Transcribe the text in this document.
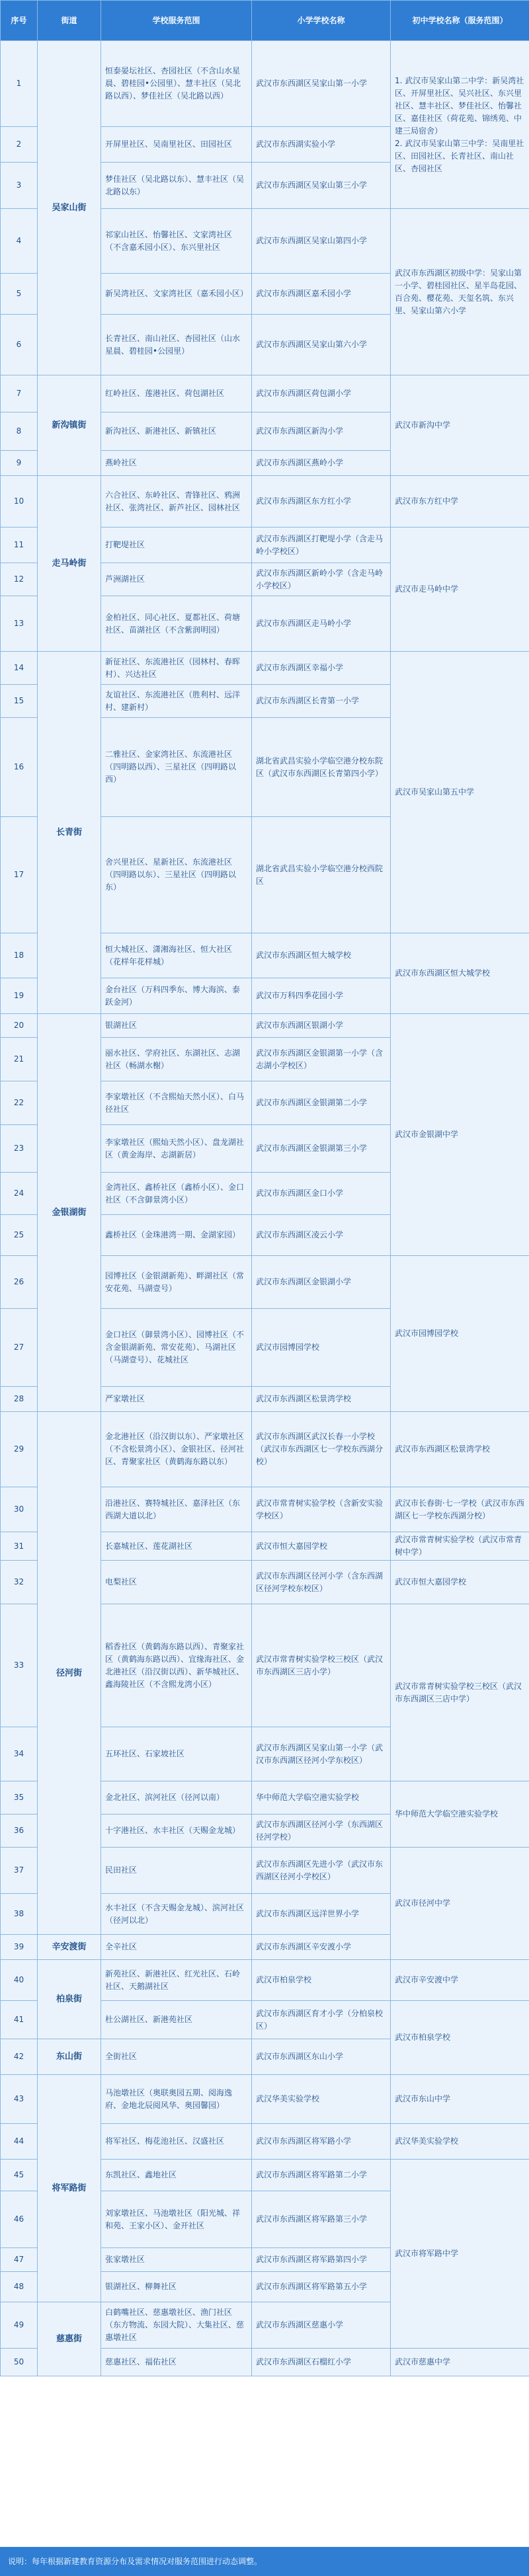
序号	街道	学校服务范围	小学学校名称	初中学校名称（服务范围）
1	吴家山街	恒泰晏坛社区、杏园社区（不含山水星晨、碧桂园•公园里）、慧丰社区（吴北路以西）、梦佳社区（吴北路以西）	武汉市东西湖区吴家山第一小学	1. 武汉市吴家山第二中学：新吴湾社区、开屏里社区、吴兴社区、东兴里社区、慧丰社区、梦佳社区、怡馨社区、嘉佳社区（荷花苑、锦绣苑、中建三局宿舍）
2. 武汉市吴家山第三中学：吴南里社区、田园社区、长青社区、南山社区、杏园社区
2		开屏里社区、吴南里社区、田园社区	武汉市东西湖实验小学	
3		梦佳社区（吴北路以东）、慧丰社区（吴北路以东）	武汉市东西湖区吴家山第三小学	
4		祁家山社区、怡馨社区、文家湾社区（不含嘉禾园小区）、东兴里社区	武汉市东西湖区吴家山第四小学	武汉市东西湖区初级中学：吴家山第一小学、碧桂园社区、星半岛花园、百合苑、樱花苑、天玺名筑、东兴里、吴家山第六小学
5		新吴湾社区、文家湾社区（嘉禾园小区）	武汉市东西湖区嘉禾园小学	
6		长青社区、南山社区、杏园社区（山水星晨、碧桂园•公园里）	武汉市东西湖区吴家山第六小学	
7	新沟镇街	红岭社区、莲港社区、荷包湖社区	武汉市东西湖区荷包湖小学	武汉市新沟中学
8		新沟社区、新港社区、新镇社区	武汉市东西湖区新沟小学	
9		燕岭社区	武汉市东西湖区燕岭小学	
10	走马岭街	六合社区、东岭社区、青锋社区、鸦洲社区、张湾社区、新芦社区、园林社区	武汉市东西湖区东方红小学	武汉市东方红中学
11		打靶堤社区	武汉市东西湖区打靶堤小学（含走马岭小学校区）	武汉市走马岭中学
12		芦洲湖社区	武汉市东西湖区新岭小学（含走马岭小学校区）	
13		金柏社区、同心社区、夏都社区、荷塘社区、苗湖社区（不含紫润明园）	武汉市东西湖区走马岭小学	
14	长青街	新征社区、东流港社区（园林村、春晖村）、兴达社区	武汉市东西湖区幸福小学	武汉市吴家山第五中学
15		友谊社区、东流港社区（胜利村、远洋村、建新村）	武汉市东西湖区长青第一小学	
16		二雅社区、金家湾社区、东流港社区（四明路以西）、三星社区（四明路以西）	湖北省武昌实验小学临空港分校东院区（武汉市东西湖区长青第四小学）	
17		舍兴里社区、星新社区、东流港社区（四明路以东）、三星社区（四明路以东）	湖北省武昌实验小学临空港分校西院区	
18		恒大城社区、潇湘海社区、恒大社区（花样年花样城）	武汉市东西湖区恒大城学校	武汉市东西湖区恒大城学校
19		金台社区（万科四季东、博大海滨、泰跃金河）	武汉市万科四季花园小学	
20	金银湖街	银湖社区	武汉市东西湖区银湖小学	武汉市金银湖中学
21		丽水社区、学府社区、东湖社区、志湖社区（畅湖水榭）	武汉市东西湖区金银湖第一小学（含志湖小学校区）	
22		李家墩社区（不含熙灿天然小区）、白马径社区	武汉市东西湖区金银湖第二小学	
23		李家墩社区（熙灿天然小区）、盘龙湖社区（黄金海岸、志湖新居）	武汉市东西湖区金银湖第三小学	
24		金湾社区、鑫桥社区（鑫桥小区）、金口社区（不含御景湾小区）	武汉市东西湖区金口小学	
25		鑫桥社区（金珠港湾一期、金湖家园）	武汉市东西湖区凌云小学	
26		园博社区（金银湖新苑）、畔湖社区（常安花苑、马湖壹号）	武汉市东西湖区金银湖小学	武汉市园博园学校
27		金口社区（御景湾小区）、园博社区（不含金银湖新苑、常安花苑）、马湖社区（马湖壹号）、花城社区	武汉市园博园学校	
28		严家墩社区	武汉市东西湖区松景湾学校	
29	径河街	金北港社区（沿汉街以东）、严家墩社区（不含松景湾小区）、金银社区、径河社区、青聚家社区（黄鹤海东路以东）	武汉市东西湖区武汉长春一小学校（武汉市东西湖区七一学校东西湖分校）	武汉市东西湖区松景湾学校
30		沿港社区、赛特城社区、嘉泽社区（东西湖大道以北）	武汉市常青树实验学校（含新安实验学校区）	武汉市长春街·七一学校（武汉市东西湖区七一学校东西湖分校）
31		长嘉城社区、莲花湖社区	武汉市恒大嘉园学校	武汉市常青树实验学校（武汉市常青树中学）
32		电梨社区	武汉市东西湖区径河小学（含东西湖区径河学校东校区）	武汉市恒大嘉园学校
33		稻香社区（黄鹤海东路以西）、青聚家社区（黄鹤海东路以西）、宜缘海社区、金北港社区（沿汉街以西）、新华城社区、鑫海陵社区（不含熙龙湾小区）	武汉市常青树实验学校三校区（武汉市东西湖区三店小学）	武汉市常青树实验学校三校区（武汉市东西湖区三店中学）
34		五环社区、石家坡社区	武汉市东西湖区吴家山第一小学（武汉市东西湖区径河小学东校区）	
35		金北社区、滨河社区（径河以南）	华中师范大学临空港实验学校	华中师范大学临空港实验学校
36		十字港社区、水丰社区（天赐金龙城）	武汉市东西湖区径河小学（东西湖区径河学校）	
37		民田社区	武汉市东西湖区先进小学（武汉市东西湖区径河小学校区）	武汉市径河中学
38		水丰社区（不含天赐金龙城）、滨河社区（径河以北）	武汉市东西湖区远洋世界小学	
39	辛安渡街	全辛社区	武汉市东西湖区辛安渡小学	
40	柏泉街	新苑社区、新港社区、红光社区、石岭社区、天鹅湖社区	武汉市柏泉学校	武汉市辛安渡中学
41		杜公湖社区、新港苑社区	武汉市东西湖区育才小学（分柏泉校区）	武汉市柏泉学校
42	东山街	全街社区	武汉市东西湖区东山小学	
43	将军路街	马池墩社区（奥联奥园五期、阅海逸府、金地北辰阅风华、奥园馨园）	武汉华美实验学校	武汉市东山中学
44		将军社区、梅花池社区、汉盛社区	武汉市东西湖区将军路小学	武汉华美实验学校
45		东凯社区、鑫地社区	武汉市东西湖区将军路第二小学	武汉市将军路中学
46		刘家墩社区、马池墩社区（阳光城、祥和苑、王家小区）、金开社区	武汉市东西湖区将军路第三小学	
47		张家墩社区	武汉市东西湖区将军路第四小学	
48		银湖社区、柳舞社区	武汉市东西湖区将军路第五小学	
49	慈惠街	白鹤嘴社区、慈惠墩社区、渔门社区（东方物流、东园大院）、大集社区、慈惠墩社区	武汉市东西湖区慈惠小学	
50		慈惠社区、福佑社区	武汉市东西湖区石榴红小学	武汉市慈惠中学
说明：每年根据新建教育资源分布及需求情况对服务范围进行动态调整。
